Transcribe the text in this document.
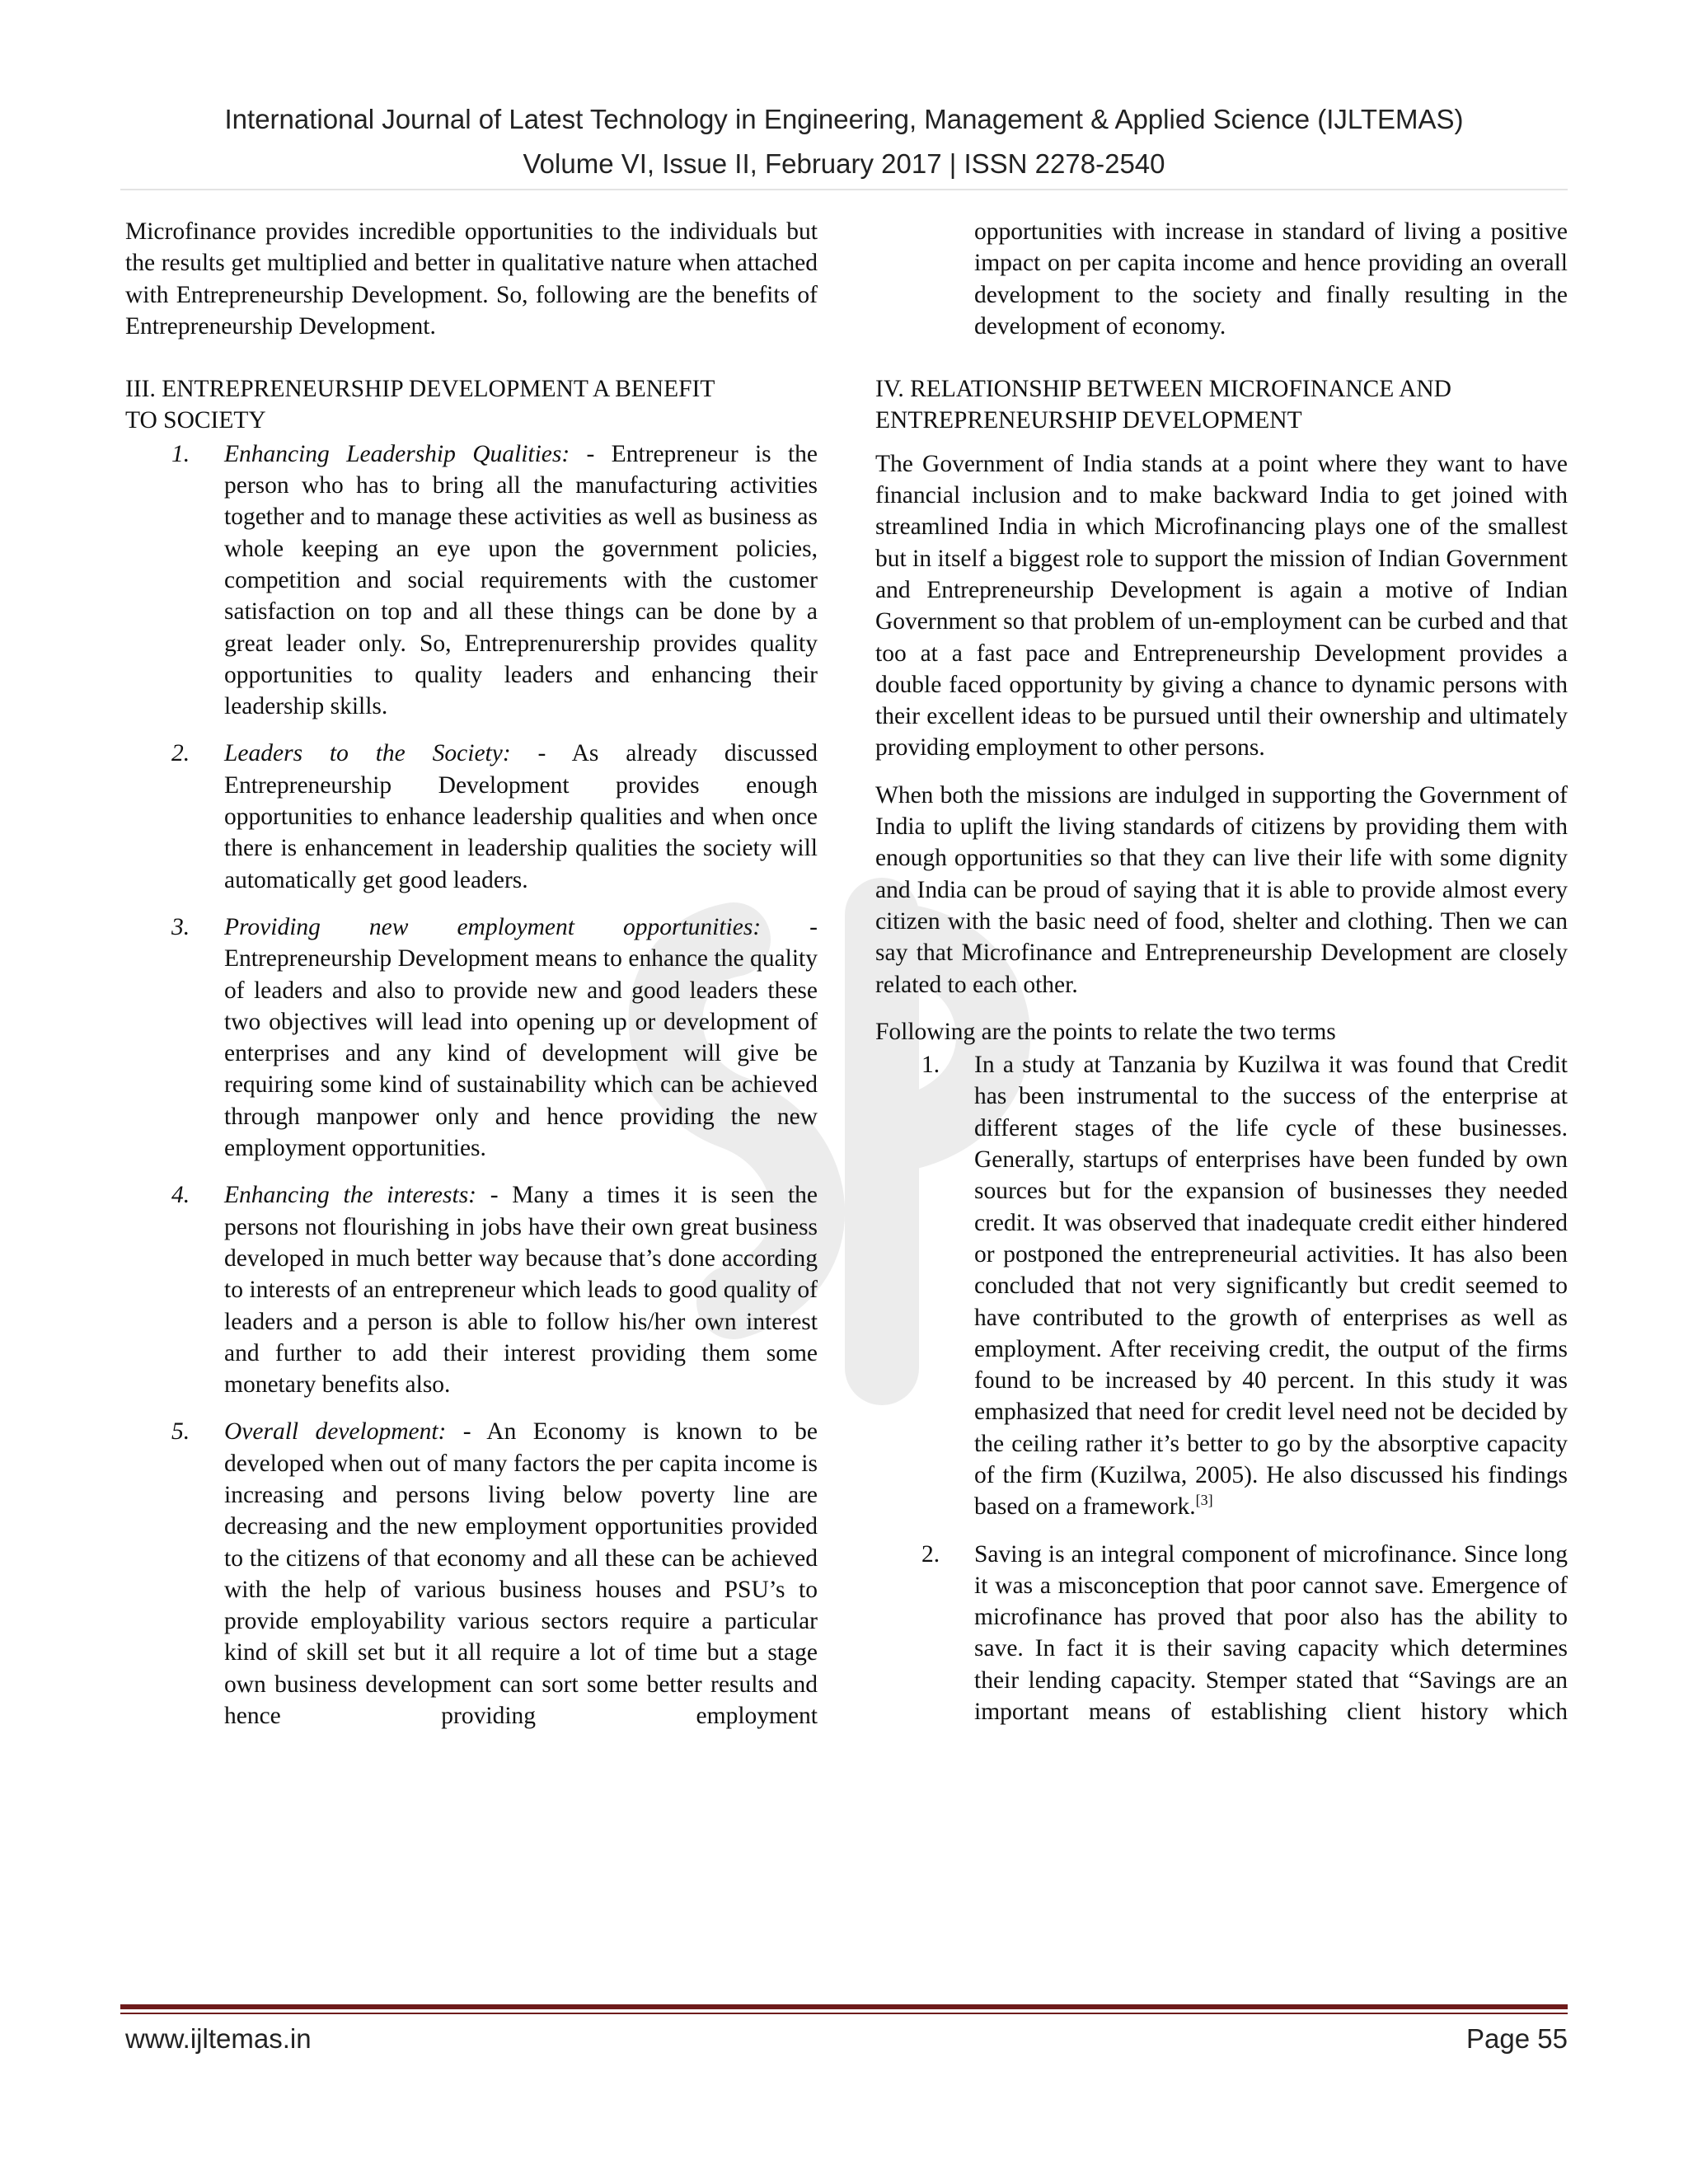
International Journal of Latest Technology in Engineering, Management & Applied Science (IJLTEMAS)
Volume VI, Issue II, February 2017 | ISSN 2278-2540

Microfinance provides incredible opportunities to the individuals but the results get multiplied and better in qualitative nature when attached with Entrepreneurship Development. So, following are the benefits of Entrepreneurship Development.

III. ENTREPRENEURSHIP DEVELOPMENT A BENEFIT

TO SOCIETY

1. Enhancing Leadership Qualities: - Entrepreneur is the person who has to bring all the manufacturing activities together and to manage these activities as well as business as whole keeping an eye upon the government policies, competition and social requirements with the customer satisfaction on top and all these things can be done by a great leader only. So, Entreprenurership provides quality opportunities to quality leaders and enhancing their leadership skills.

2. Leaders to the Society: - As already discussed Entrepreneurship Development provides enough opportunities to enhance leadership qualities and when once there is enhancement in leadership qualities the society will automatically get good leaders.

3. Providing new employment opportunities: - Entrepreneurship Development means to enhance the quality of leaders and also to provide new and good leaders these two objectives will lead into opening up or development of enterprises and any kind of development will give be requiring some kind of sustainability which can be achieved through manpower only and hence providing the new employment opportunities.

4. Enhancing the interests: - Many a times it is seen the persons not flourishing in jobs have their own great business developed in much better way because that’s done according to interests of an entrepreneur which leads to good quality of leaders and a person is able to follow his/her own interest and further to add their interest providing them some monetary benefits also.

5. Overall development: - An Economy is known to be developed when out of many factors the per capita income is increasing and persons living below poverty line are decreasing and the new employment opportunities provided to the citizens of that economy and all these can be achieved with the help of various business houses and PSU’s to provide employability various sectors require a particular kind of skill set but it all require a lot of time but a stage own business development can sort some better results and hence providing employment

opportunities with increase in standard of living a positive impact on per capita income and hence providing an overall development to the society and finally resulting in the development of economy.

IV. RELATIONSHIP BETWEEN MICROFINANCE AND

ENTREPRENEURSHIP DEVELOPMENT

The Government of India stands at a point where they want to have financial inclusion and to make backward India to get joined with streamlined India in which Microfinancing plays one of the smallest but in itself a biggest role to support the mission of Indian Government and Entrepreneurship Development is again a motive of Indian Government so that problem of un-employment can be curbed and that too at a fast pace and Entrepreneurship Development provides a double faced opportunity by giving a chance to dynamic persons with their excellent ideas to be pursued until their ownership and ultimately providing employment to other persons.

When both the missions are indulged in supporting the Government of India to uplift the living standards of citizens by providing them with enough opportunities so that they can live their life with some dignity and India can be proud of saying that it is able to provide almost every citizen with the basic need of food, shelter and clothing. Then we can say that Microfinance and Entrepreneurship Development are closely related to each other.

Following are the points to relate the two terms

1. In a study at Tanzania by Kuzilwa it was found that Credit has been instrumental to the success of the enterprise at different stages of the life cycle of these businesses. Generally, startups of enterprises have been funded by own sources but for the expansion of businesses they needed credit. It was observed that inadequate credit either hindered or postponed the entrepreneurial activities. It has also been concluded that not very significantly but credit seemed to have contributed to the growth of enterprises as well as employment. After receiving credit, the output of the firms found to be increased by 40 percent. In this study it was emphasized that need for credit level need not be decided by the ceiling rather it’s better to go by the absorptive capacity of the firm (Kuzilwa, 2005). He also discussed his findings based on a framework.[3]

2. Saving is an integral component of microfinance. Since long it was a misconception that poor cannot save. Emergence of microfinance has proved that poor also has the ability to save. In fact it is their saving capacity which determines their lending capacity. Stemper stated that “Savings are an important means of establishing client history which

www.ijltemas.in	Page 55
